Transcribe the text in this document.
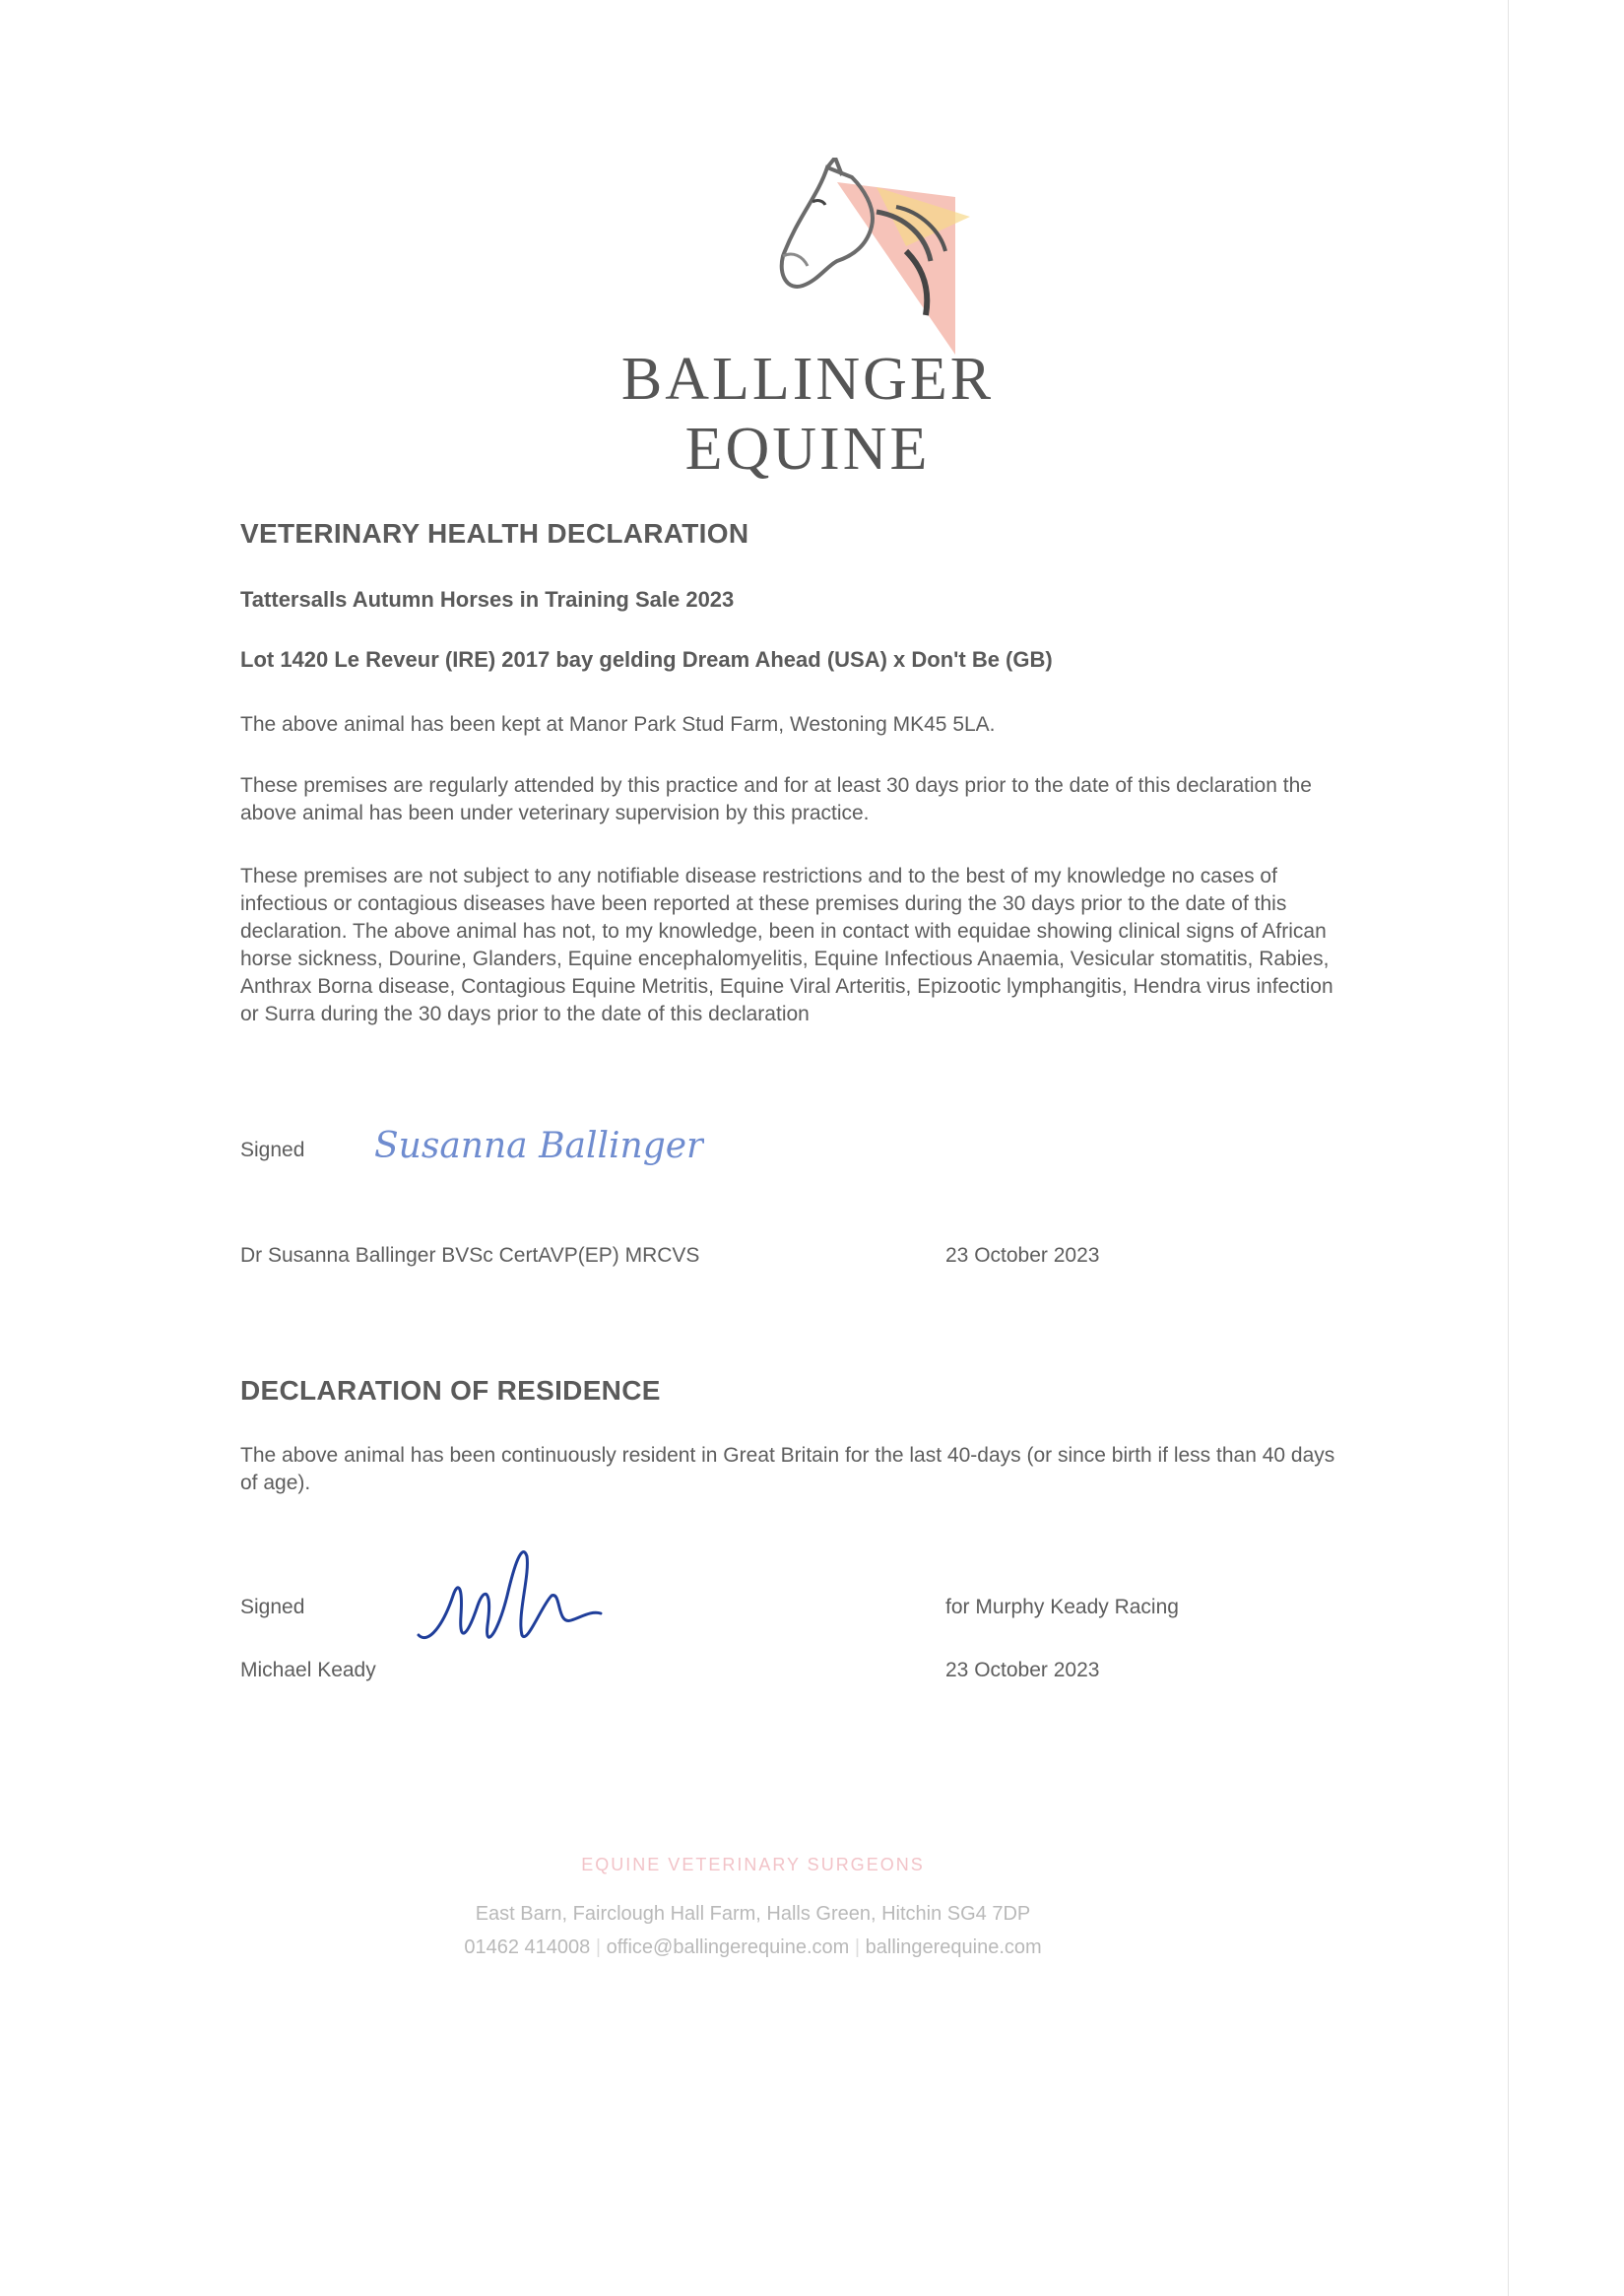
BALLINGER EQUINE
VETERINARY HEALTH DECLARATION
Tattersalls Autumn Horses in Training Sale 2023
Lot 1420 Le Reveur (IRE) 2017 bay gelding Dream Ahead (USA) x Don't Be (GB)
The above animal has been kept at Manor Park Stud Farm, Westoning MK45 5LA.
These premises are regularly attended by this practice and for at least 30 days prior to the date of this declaration the above animal has been under veterinary supervision by this practice.
These premises are not subject to any notifiable disease restrictions and to the best of my knowledge no cases of infectious or contagious diseases have been reported at these premises during the 30 days prior to the date of this declaration. The above animal has not, to my knowledge, been in contact with equidae showing clinical signs of African horse sickness, Dourine, Glanders, Equine encephalomyelitis, Equine Infectious Anaemia, Vesicular stomatitis, Rabies, Anthrax Borna disease, Contagious Equine Metritis, Equine Viral Arteritis, Epizootic lymphangitis, Hendra virus infection or Surra during the 30 days prior to the date of this declaration
Signed Susanna Ballinger
Dr Susanna Ballinger BVSc CertAVP(EP) MRCVS	23 October 2023
DECLARATION OF RESIDENCE
The above animal has been continuously resident in Great Britain for the last 40-days (or since birth if less than 40 days of age).
Signed	for Murphy Keady Racing
Michael Keady	23 October 2023
EQUINE VETERINARY SURGEONS
East Barn, Fairclough Hall Farm, Halls Green, Hitchin SG4 7DP
01462 414008 | office@ballingerequine.com | ballingerequine.com
